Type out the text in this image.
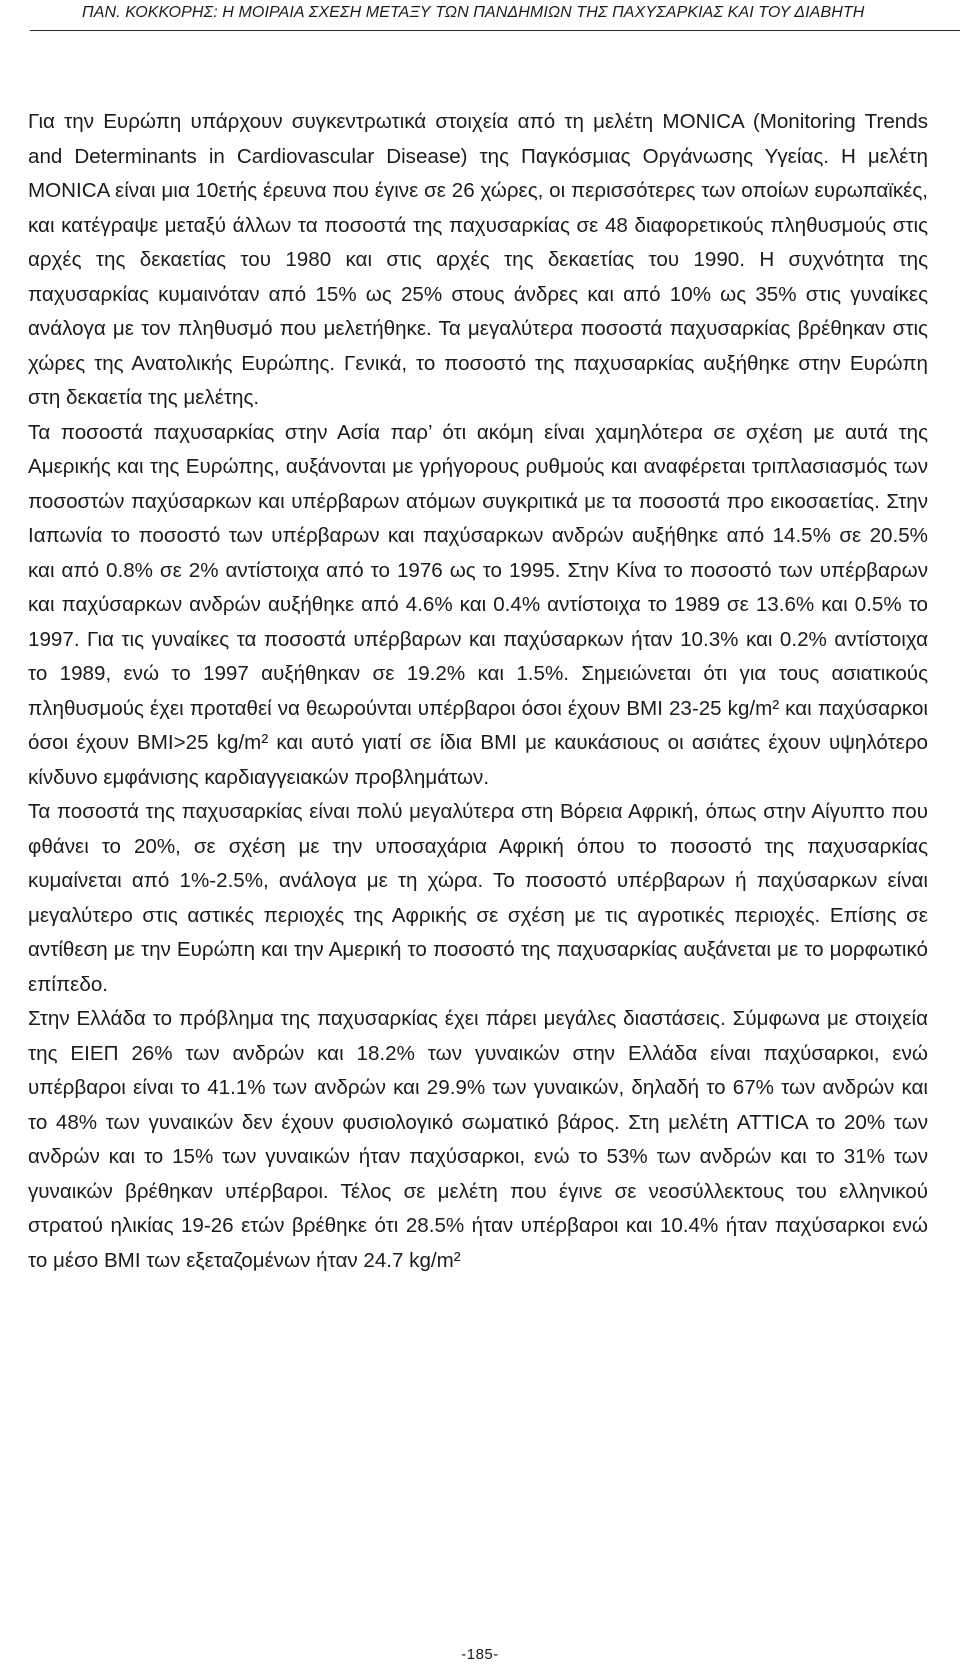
ΠΑΝ. ΚΟΚΚΟΡΗΣ: Η ΜΟΙΡΑΙΑ ΣΧΕΣΗ ΜΕΤΑΞΥ ΤΩΝ ΠΑΝΔΗΜΙΩΝ ΤΗΣ ΠΑΧΥΣΑΡΚΙΑΣ ΚΑΙ ΤΟΥ ΔΙΑΒΗΤΗ

Για την Ευρώπη υπάρχουν συγκεντρωτικά στοιχεία από τη μελέτη MONICA (Monitoring Trends and Determinants in Cardiovascular Disease) της Παγκόσμιας Οργάνωσης Υγείας. Η μελέτη MONICA είναι μια 10ετής έρευνα που έγινε σε 26 χώρες, οι περισσότερες των οποίων ευρωπαϊκές, και κατέγραψε μεταξύ άλλων τα ποσοστά της παχυσαρκίας σε 48 διαφορετικούς πληθυσμούς στις αρχές της δεκαετίας του 1980 και στις αρχές της δεκαετίας του 1990. Η συχνότητα της παχυσαρκίας κυμαινόταν από 15% ως 25% στους άνδρες και από 10% ως 35% στις γυναίκες ανάλογα με τον πληθυσμό που μελετήθηκε. Τα μεγαλύτερα ποσοστά παχυσαρκίας βρέθηκαν στις χώρες της Ανατολικής Ευρώπης. Γενικά, το ποσοστό της παχυσαρκίας αυξήθηκε στην Ευρώπη στη δεκαετία της μελέτης.

Τα ποσοστά παχυσαρκίας στην Ασία παρ’ ότι ακόμη είναι χαμηλότερα σε σχέση με αυτά της Αμερικής και της Ευρώπης, αυξάνονται με γρήγορους ρυθμούς και αναφέρεται τριπλασιασμός των ποσοστών παχύσαρκων και υπέρβαρων ατόμων συγκριτικά με τα ποσοστά προ εικοσαετίας. Στην Ιαπωνία το ποσοστό των υπέρβαρων και παχύσαρκων ανδρών αυξήθηκε από 14.5% σε 20.5% και από 0.8% σε 2% αντίστοιχα από το 1976 ως το 1995. Στην Κίνα το ποσοστό των υπέρβαρων και παχύσαρκων ανδρών αυξήθηκε από 4.6% και 0.4% αντίστοιχα το 1989 σε 13.6% και 0.5% το 1997. Για τις γυναίκες τα ποσοστά υπέρβαρων και παχύσαρκων ήταν 10.3% και 0.2% αντίστοιχα το 1989, ενώ το 1997 αυξήθηκαν σε 19.2% και 1.5%. Σημειώνεται ότι για τους ασιατικούς πληθυσμούς έχει προταθεί να θεωρούνται υπέρβαροι όσοι έχουν BMI 23-25 kg/m² και παχύσαρκοι όσοι έχουν BMI>25 kg/m² και αυτό γιατί σε ίδια BMI με καυκάσιους οι ασιάτες έχουν υψηλότερο κίνδυνο εμφάνισης καρδιαγγειακών προβλημάτων.

Τα ποσοστά της παχυσαρκίας είναι πολύ μεγαλύτερα στη Βόρεια Αφρική, όπως στην Αίγυπτο που φθάνει το 20%, σε σχέση με την υποσαχάρια Αφρική όπου το ποσοστό της παχυσαρκίας κυμαίνεται από 1%-2.5%, ανάλογα με τη χώρα. Το ποσοστό υπέρβαρων ή παχύσαρκων είναι μεγαλύτερο στις αστικές περιοχές της Αφρικής σε σχέση με τις αγροτικές περιοχές. Επίσης σε αντίθεση με την Ευρώπη και την Αμερική το ποσοστό της παχυσαρκίας αυξάνεται με το μορφωτικό επίπεδο.

Στην Ελλάδα το πρόβλημα της παχυσαρκίας έχει πάρει μεγάλες διαστάσεις. Σύμφωνα με στοιχεία της ΕΙΕΠ 26% των ανδρών και 18.2% των γυναικών στην Ελλάδα είναι παχύσαρκοι, ενώ υπέρβαροι είναι το 41.1% των ανδρών και 29.9% των γυναικών, δηλαδή το 67% των ανδρών και το 48% των γυναικών δεν έχουν φυσιολογικό σωματικό βάρος. Στη μελέτη ATTICA το 20% των ανδρών και το 15% των γυναικών ήταν παχύσαρκοι, ενώ το 53% των ανδρών και το 31% των γυναικών βρέθηκαν υπέρβαροι. Τέλος σε μελέτη που έγινε σε νεοσύλλεκτους του ελληνικού στρατού ηλικίας 19-26 ετών βρέθηκε ότι 28.5% ήταν υπέρβαροι και 10.4% ήταν παχύσαρκοι ενώ το μέσο BMI των εξεταζομένων ήταν 24.7 kg/m²

-185-
